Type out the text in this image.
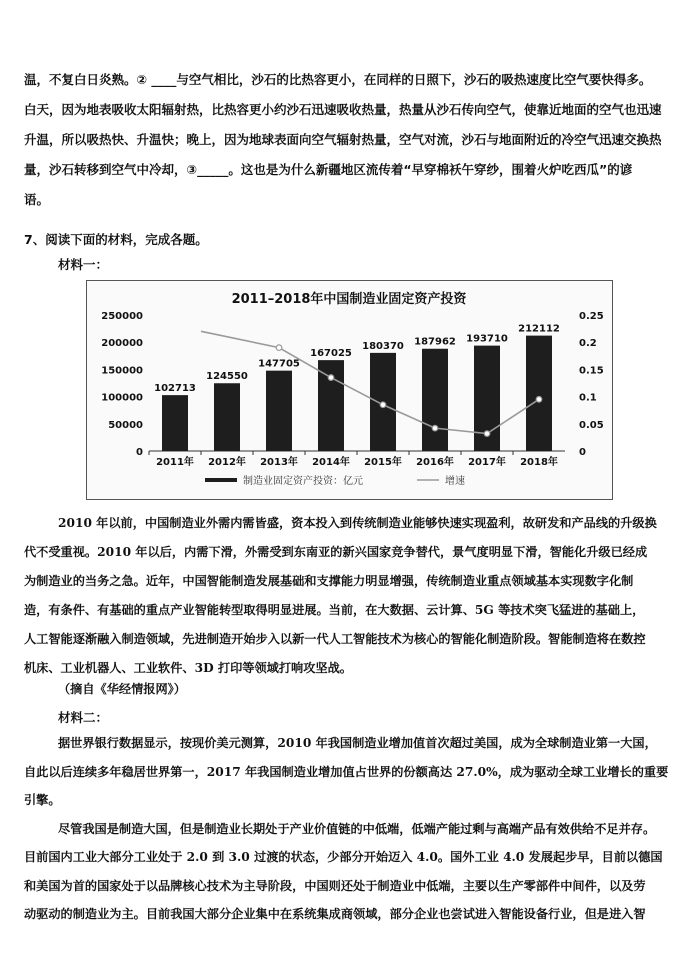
温，不复白日炎熟。② ____与空气相比，沙石的比热容更小，在同样的日照下，沙石的吸热速度比空气要快得多。
白天，因为地表吸收太阳辐射热，比热容更小约沙石迅速吸收热量，热量从沙石传向空气，使靠近地面的空气也迅速
升温，所以吸热快、升温快；晚上，因为地球表面向空气辐射热量，空气对流，沙石与地面附近的冷空气迅速交换热
量，沙石转移到空气中冷却，③_____。这也是为什么新疆地区流传着“早穿棉袄午穿纱，围着火炉吃西瓜”的谚
语。
7、阅读下面的材料，完成各题。
材料一：
2011–2018年中国制造业固定资产投资
0
50000
100000
150000
200000
250000
0
0.05
0.1
0.15
0.2
0.25
102713
2011年
124550
2012年
147705
2013年
167025
2014年
180370
2015年
187962
2016年
193710
2017年
212112
2018年
制造业固定资产投资：亿元	增速
2010 年以前，中国制造业外需内需皆盛，资本投入到传统制造业能够快速实现盈利，故研发和产品线的升级换
代不受重视。2010 年以后，内需下滑，外需受到东南亚的新兴国家竞争替代，景气度明显下滑，智能化升级已经成
为制造业的当务之急。近年，中国智能制造发展基础和支撑能力明显增强，传统制造业重点领域基本实现数字化制
造，有条件、有基础的重点产业智能转型取得明显进展。当前，在大数据、云计算、5G 等技术突飞猛进的基础上，
人工智能逐渐融入制造领域，先进制造开始步入以新一代人工智能技术为核心的智能化制造阶段。智能制造将在数控
机床、工业机器人、工业软件、3D 打印等领域打响攻坚战。
（摘自《华经情报网》）
材料二：
据世界银行数据显示，按现价美元测算，2010 年我国制造业增加值首次超过美国，成为全球制造业第一大国，
自此以后连续多年稳居世界第一，2017 年我国制造业增加值占世界的份额高达 27.0%，成为驱动全球工业增长的重要
引擎。
尽管我国是制造大国，但是制造业长期处于产业价值链的中低端，低端产能过剩与高端产品有效供给不足并存。
目前国内工业大部分工业处于 2.0 到 3.0 过渡的状态，少部分开始迈入 4.0。国外工业 4.0 发展起步早，目前以德国
和美国为首的国家处于以品牌核心技术为主导阶段，中国则还处于制造业中低端，主要以生产零部件中间件，以及劳
动驱动的制造业为主。目前我国大部分企业集中在系统集成商领域，部分企业也尝试进入智能设备行业，但是进入智
